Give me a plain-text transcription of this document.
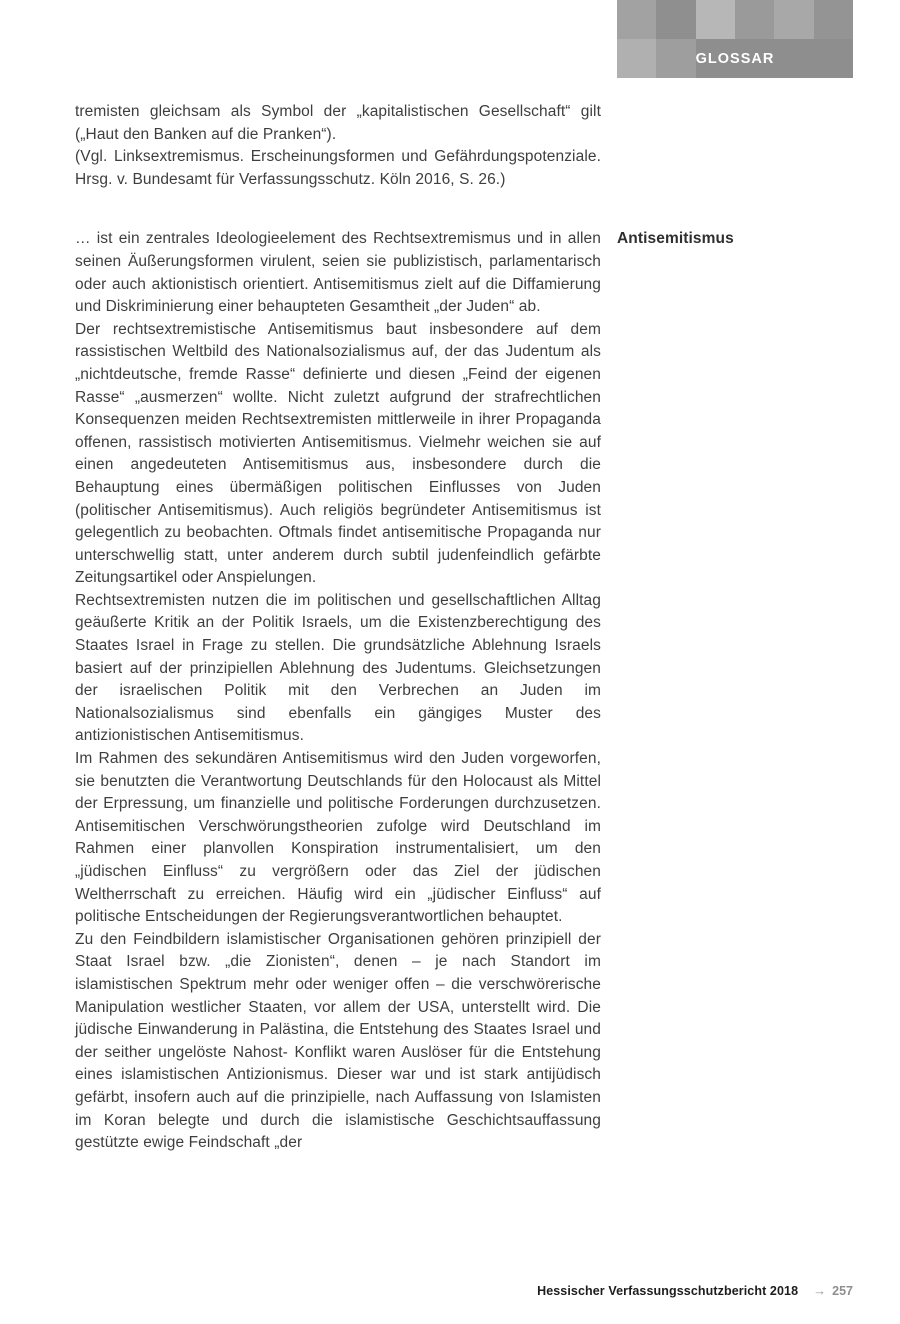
GLOSSAR

tremisten gleichsam als Symbol der „kapitalistischen Gesellschaft“ gilt („Haut den Banken auf die Pranken“).

(Vgl. Linksextremismus. Erscheinungsformen und Gefährdungspotenziale. Hrsg. v. Bundesamt für Verfassungsschutz. Köln 2016, S. 26.)

… ist ein zentrales Ideologieelement des Rechtsextremismus und in allen seinen Äußerungsformen virulent, seien sie publizistisch, parlamentarisch oder auch aktionistisch orientiert. Antisemitismus zielt auf die Diffamierung und Diskriminierung einer behaupteten Gesamtheit „der Juden“ ab.

Der rechtsextremistische Antisemitismus baut insbesondere auf dem rassistischen Weltbild des Nationalsozialismus auf, der das Judentum als „nichtdeutsche, fremde Rasse“ definierte und diesen „Feind der eigenen Rasse“ „ausmerzen“ wollte. Nicht zuletzt aufgrund der strafrechtlichen Konsequenzen meiden Rechtsextremisten mittlerweile in ihrer Propaganda offenen, rassistisch motivierten Antisemitismus. Vielmehr weichen sie auf einen angedeuteten Antisemitismus aus, insbesondere durch die Behauptung eines übermäßigen politischen Einflusses von Juden (politischer Antisemitismus). Auch religiös begründeter Antisemitismus ist gelegentlich zu beobachten. Oftmals findet antisemitische Propaganda nur unterschwellig statt, unter anderem durch subtil judenfeindlich gefärbte Zeitungsartikel oder Anspielungen.

Rechtsextremisten nutzen die im politischen und gesellschaftlichen Alltag geäußerte Kritik an der Politik Israels, um die Existenzberechtigung des Staates Israel in Frage zu stellen. Die grundsätzliche Ablehnung Israels basiert auf der prinzipiellen Ablehnung des Judentums. Gleichsetzungen der israelischen Politik mit den Verbrechen an Juden im Nationalsozialismus sind ebenfalls ein gängiges Muster des antizionistischen Antisemitismus.

Im Rahmen des sekundären Antisemitismus wird den Juden vorgeworfen, sie benutzten die Verantwortung Deutschlands für den Holocaust als Mittel der Erpressung, um finanzielle und politische Forderungen durchzusetzen. Antisemitischen Verschwörungstheorien zufolge wird Deutschland im Rahmen einer planvollen Konspiration instrumentalisiert, um den „jüdischen Einfluss“ zu vergrößern oder das Ziel der jüdischen Weltherrschaft zu erreichen. Häufig wird ein „jüdischer Einfluss“ auf politische Entscheidungen der Regierungsverantwortlichen behauptet.

Zu den Feindbildern islamistischer Organisationen gehören prinzipiell der Staat Israel bzw. „die Zionisten“, denen – je nach Standort im islamistischen Spektrum mehr oder weniger offen – die verschwörerische Manipulation westlicher Staaten, vor allem der USA, unterstellt wird. Die jüdische Einwanderung in Palästina, die Entstehung des Staates Israel und der seither ungelöste Nahost- Konflikt waren Auslöser für die Entstehung eines islamistischen Antizionismus. Dieser war und ist stark antijüdisch gefärbt, insofern auch auf die prinzipielle, nach Auffassung von Islamisten im Koran belegte und durch die islamistische Geschichtsauffassung gestützte ewige Feindschaft „der

Antisemitismus
Hessischer Verfassungsschutzbericht 2018 → 257
